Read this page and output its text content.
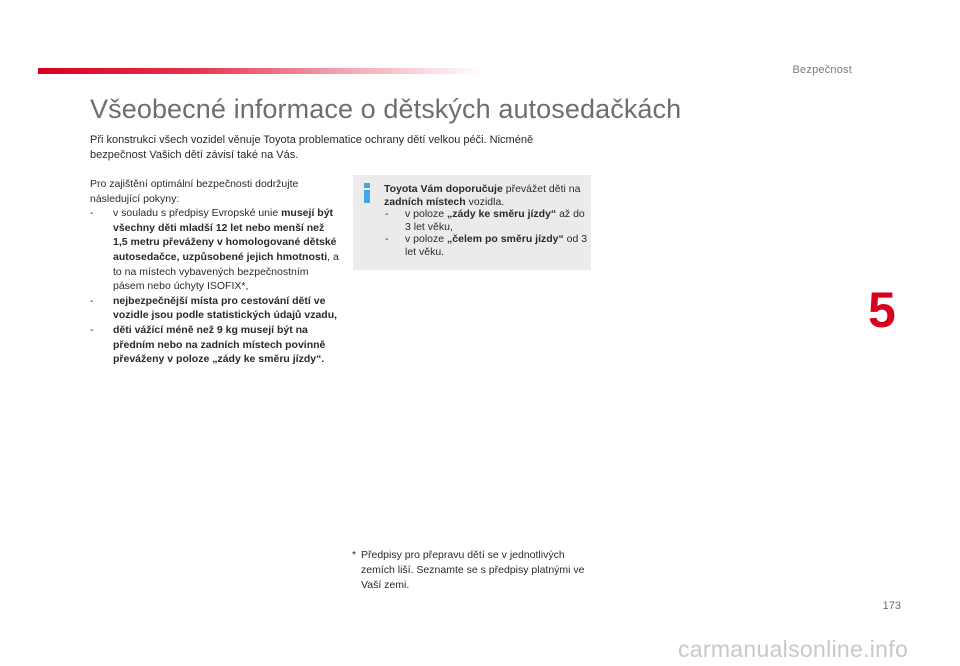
Bezpečnost
Všeobecné informace o dětských autosedačkách

Při konstrukci všech vozidel věnuje Toyota problematice ochrany dětí velkou péči. Nicméně bezpečnost Vašich dětí závisí také na Vás.

Pro zajištění optimální bezpečnosti dodržujte následující pokyny:

- v souladu s předpisy Evropské unie musejí být všechny děti mladší 12 let nebo menší než 1,5 metru převáženy v homologované dětské autosedačce, uzpůsobené jejich hmotnosti, a to na místech vybavených bezpečnostním pásem nebo úchyty ISOFIX*,
- nejbezpečnější místa pro cestování dětí ve vozidle jsou podle statistických údajů vzadu,
- děti vážící méně než 9 kg musejí být na předním nebo na zadních místech povinně převáženy v poloze „zády ke směru jízdy“.

Toyota Vám doporučuje převážet děti na zadních místech vozidla.

- v poloze „zády ke směru jízdy“ až do 3 let věku,
- v poloze „čelem po směru jízdy“ od 3 let věku.
* Předpisy pro přepravu dětí se v jednotlivých zemích liší. Seznamte se s předpisy platnými ve Vaší zemi.
5
173
carmanualsonline.info
